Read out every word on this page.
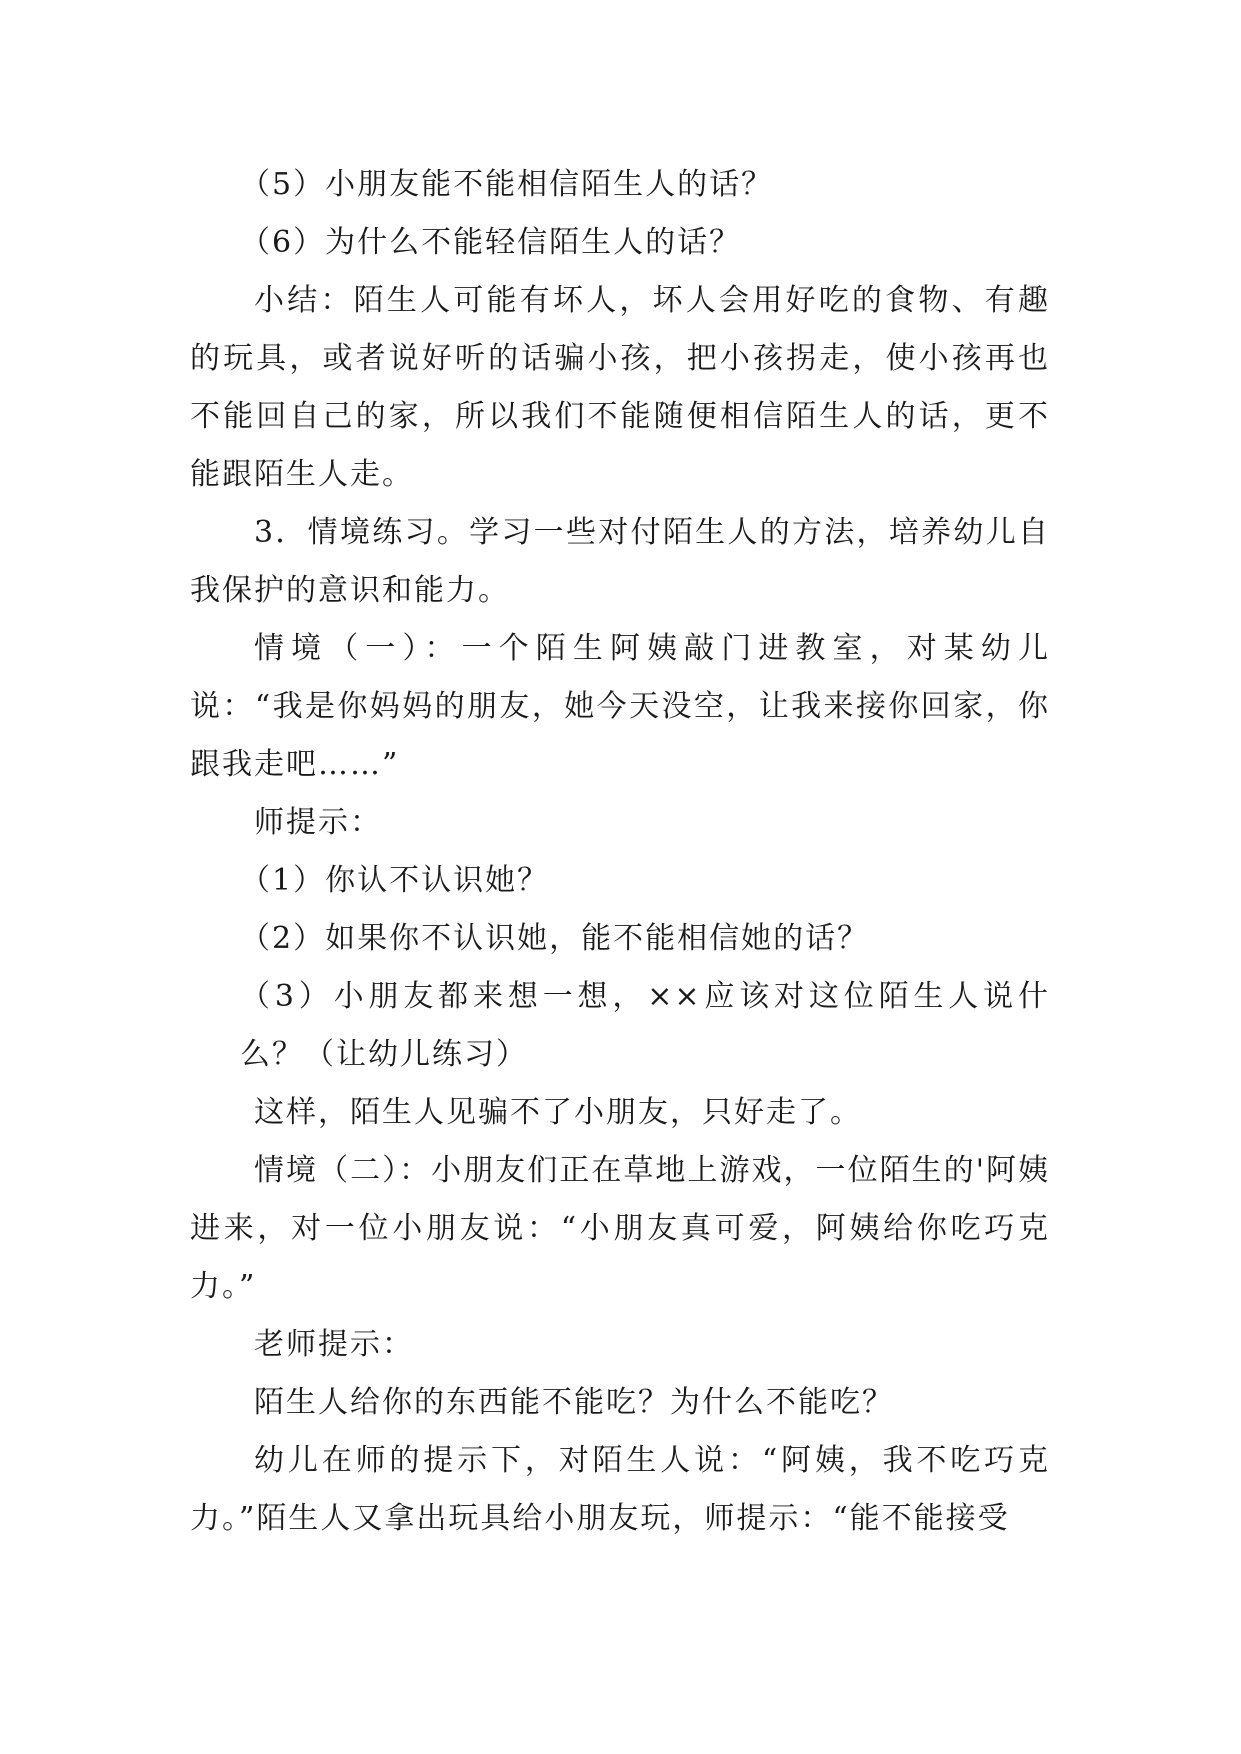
（5）小朋友能不能相信陌生人的话？

（6）为什么不能轻信陌生人的话？

小结：陌生人可能有坏人，坏人会用好吃的食物、有趣的玩具，或者说好听的话骗小孩，把小孩拐走，使小孩再也不能回自己的家，所以我们不能随便相信陌生人的话，更不能跟陌生人走。

3．情境练习。学习一些对付陌生人的方法，培养幼儿自我保护的意识和能力。

情境（一）：一个陌生阿姨敲门进教室，对某幼儿说：“我是你妈妈的朋友，她今天没空，让我来接你回家，你跟我走吧……”

师提示：

（1）你认不认识她？

（2）如果你不认识她，能不能相信她的话？

（3）小朋友都来想一想，××应该对这位陌生人说什么？（让幼儿练习）

这样，陌生人见骗不了小朋友，只好走了。

情境（二）：小朋友们正在草地上游戏，一位陌生的'阿姨进来，对一位小朋友说：“小朋友真可爱，阿姨给你吃巧克力。”

老师提示：

陌生人给你的东西能不能吃？为什么不能吃？

幼儿在师的提示下，对陌生人说：“阿姨，我不吃巧克力。”陌生人又拿出玩具给小朋友玩，师提示：“能不能接受
